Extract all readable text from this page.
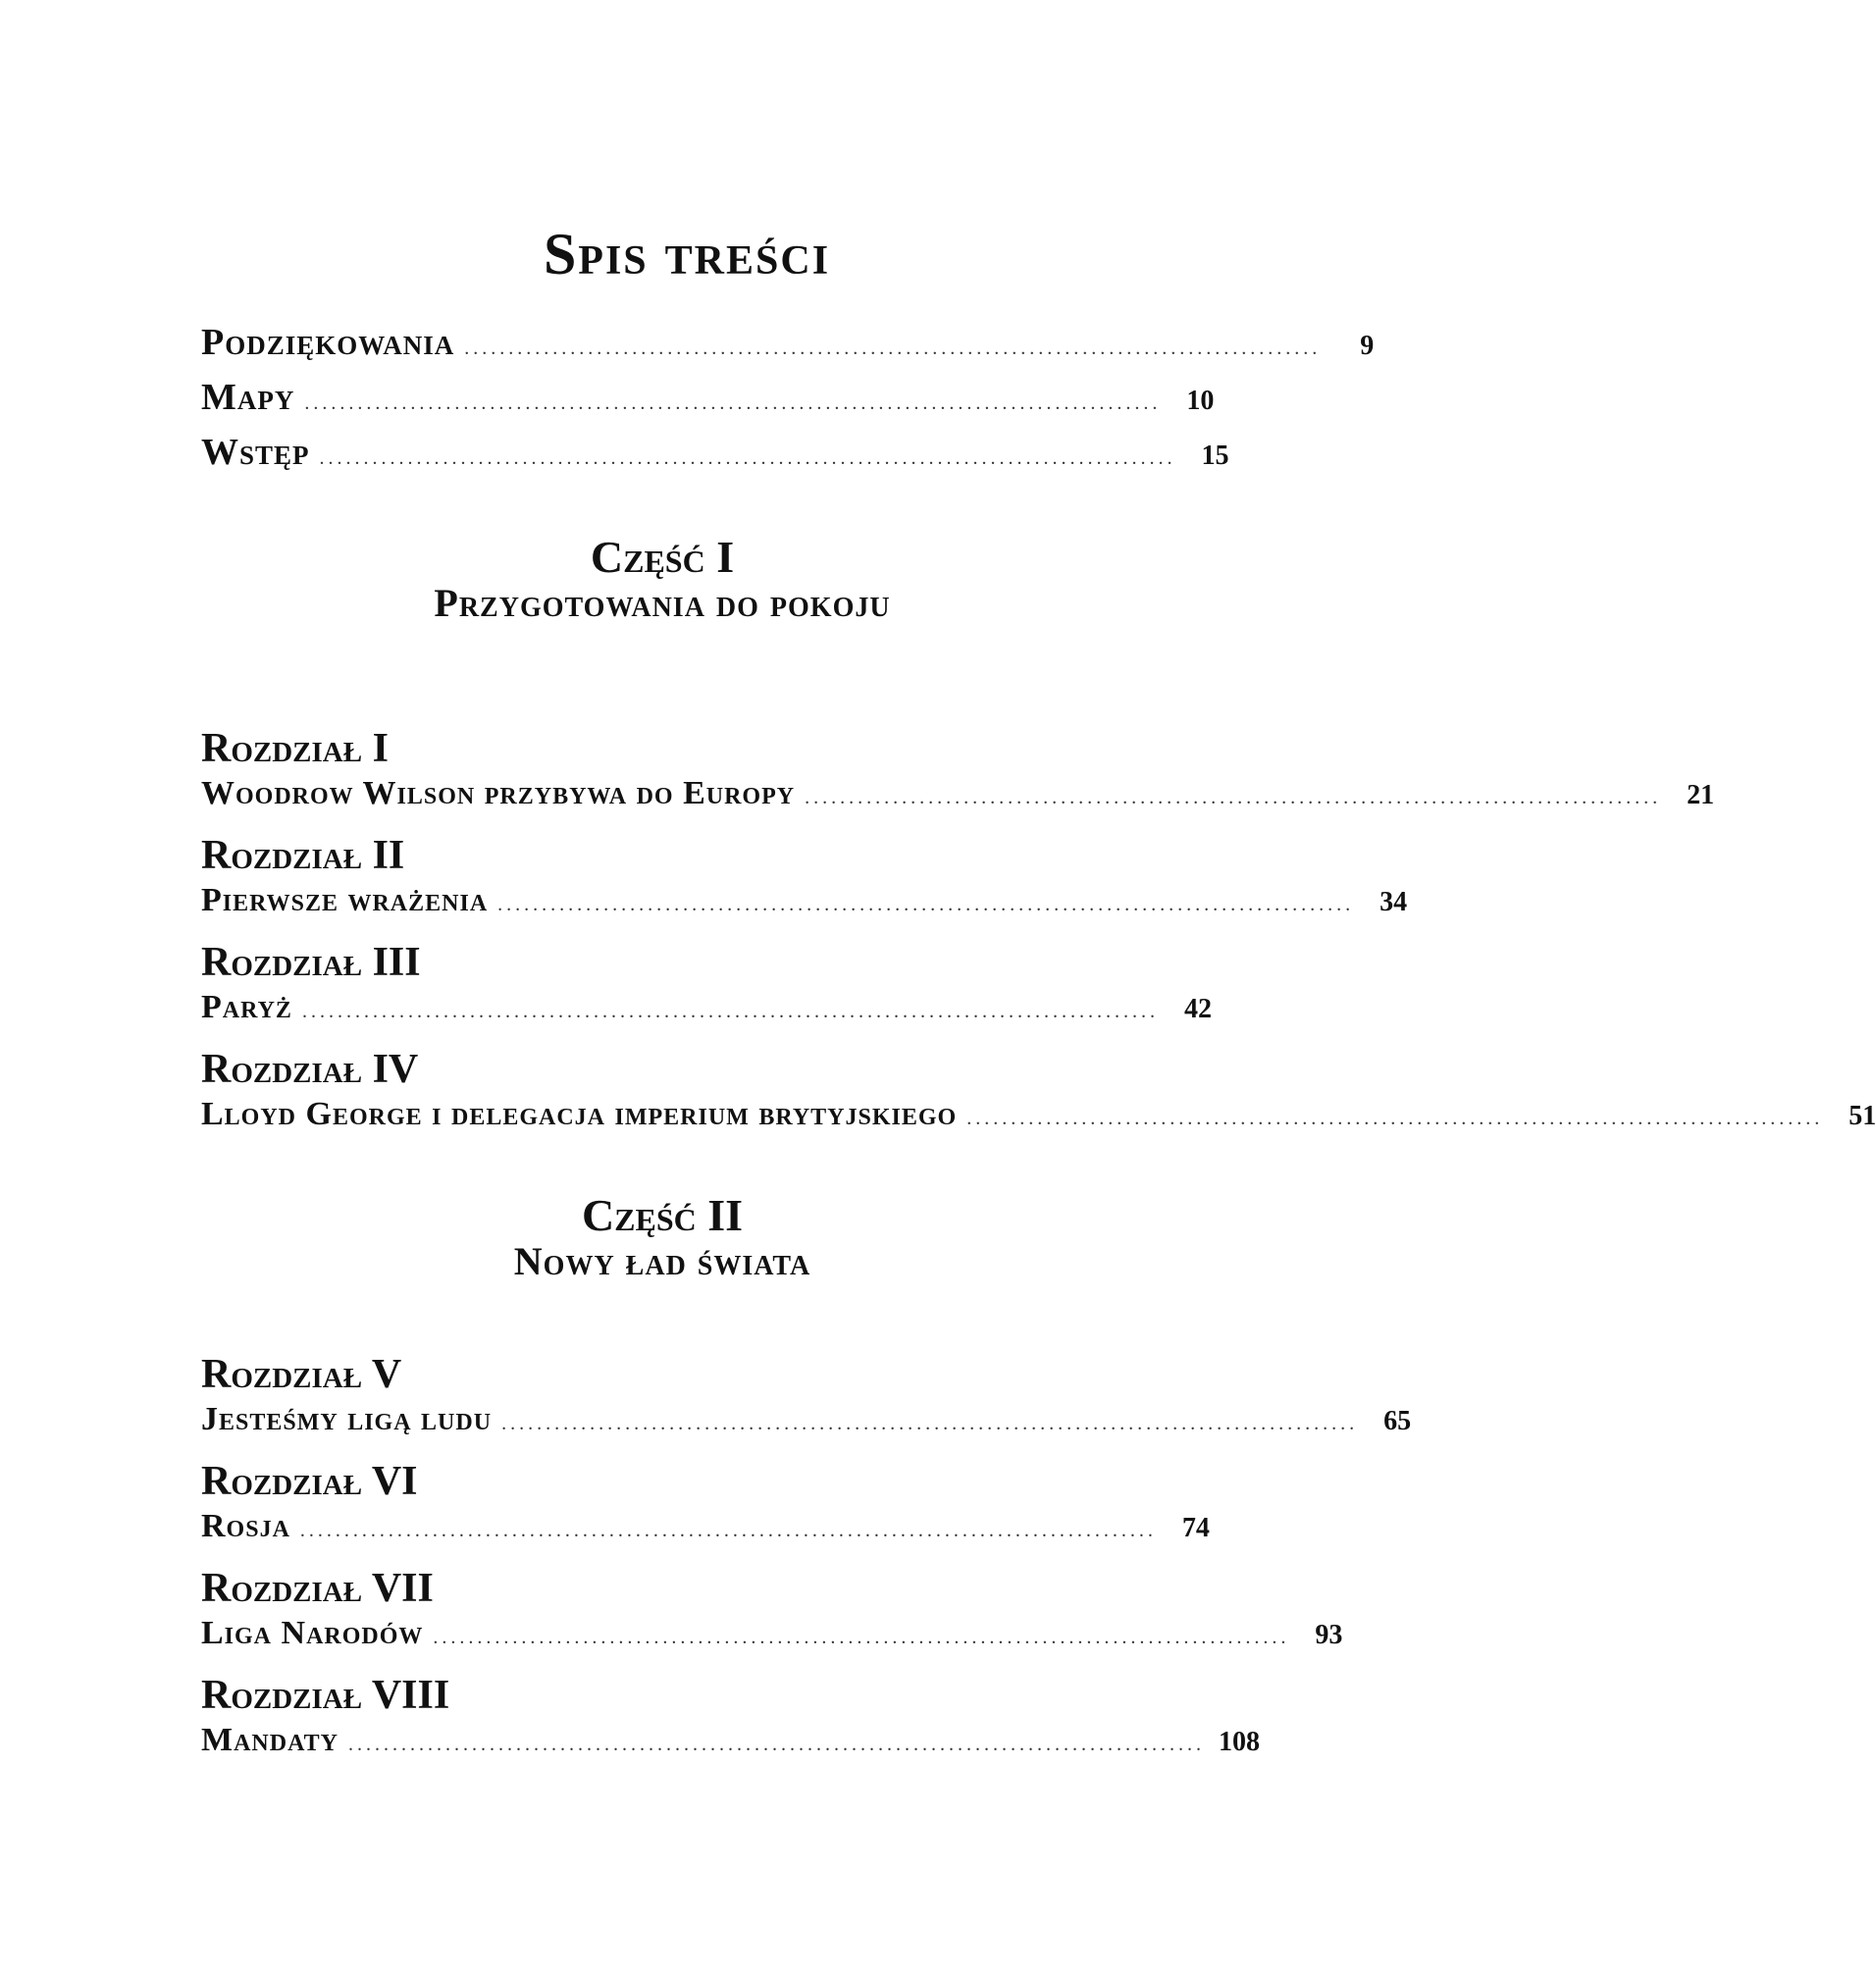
Spis treści
Podziękowania .................................................................................................	9
Mapy ................................................................................................. 10
Wstęp ................................................................................................. 15
Część I
Przygotowania do pokoju
Rozdział I
Woodrow Wilson przybywa do Europy ................................................................................................. 21
Rozdział II
Pierwsze wrażenia ................................................................................................. 34
Rozdział III
Paryż ................................................................................................. 42
Rozdział IV
Lloyd George i delegacja imperium brytyjskiego ................................................................................................. 51
Część II
Nowy ład świata
Rozdział V
Jesteśmy ligą ludu ................................................................................................. 65
Rozdział VI
Rosja ................................................................................................. 74
Rozdział VII
Liga Narodów ................................................................................................. 93
Rozdział VIII
Mandaty ................................................................................................. 108
